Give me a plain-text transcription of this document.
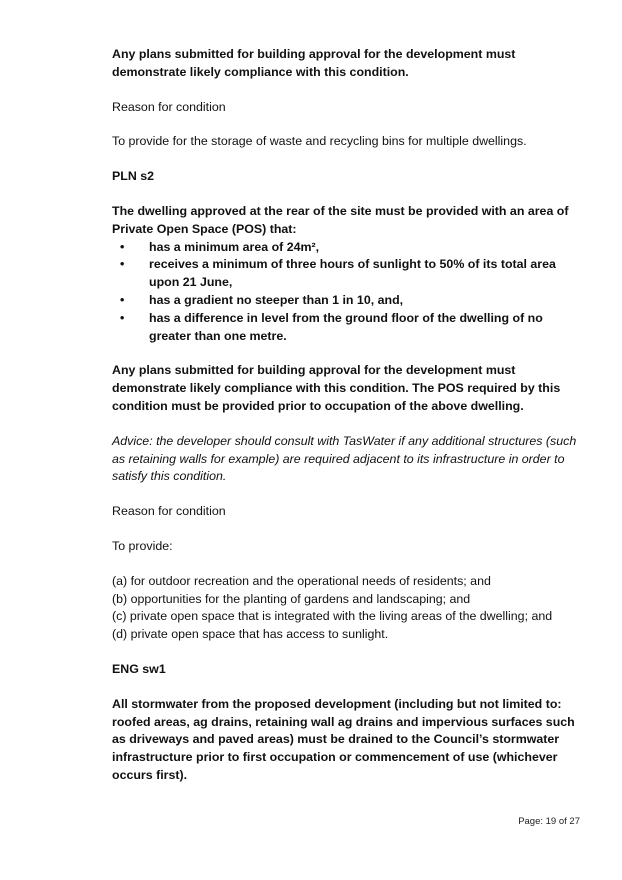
Any plans submitted for building approval for the development must demonstrate likely compliance with this condition.

Reason for condition

To provide for the storage of waste and recycling bins for multiple dwellings.

PLN s2

The dwelling approved at the rear of the site must be provided with an area of Private Open Space (POS) that:

• has a minimum area of 24m²,
• receives a minimum of three hours of sunlight to 50% of its total area upon 21 June,
• has a gradient no steeper than 1 in 10, and,
• has a difference in level from the ground floor of the dwelling of no greater than one metre.

Any plans submitted for building approval for the development must demonstrate likely compliance with this condition. The POS required by this condition must be provided prior to occupation of the above dwelling.

Advice: the developer should consult with TasWater if any additional structures (such as retaining walls for example) are required adjacent to its infrastructure in order to satisfy this condition.

Reason for condition

To provide:

(a) for outdoor recreation and the operational needs of residents; and
(b) opportunities for the planting of gardens and landscaping; and
(c) private open space that is integrated with the living areas of the dwelling; and
(d) private open space that has access to sunlight.

ENG sw1

All stormwater from the proposed development (including but not limited to: roofed areas, ag drains, retaining wall ag drains and impervious surfaces such as driveways and paved areas) must be drained to the Council’s stormwater infrastructure prior to first occupation or commencement of use (whichever occurs first).

Page: 19 of 27
